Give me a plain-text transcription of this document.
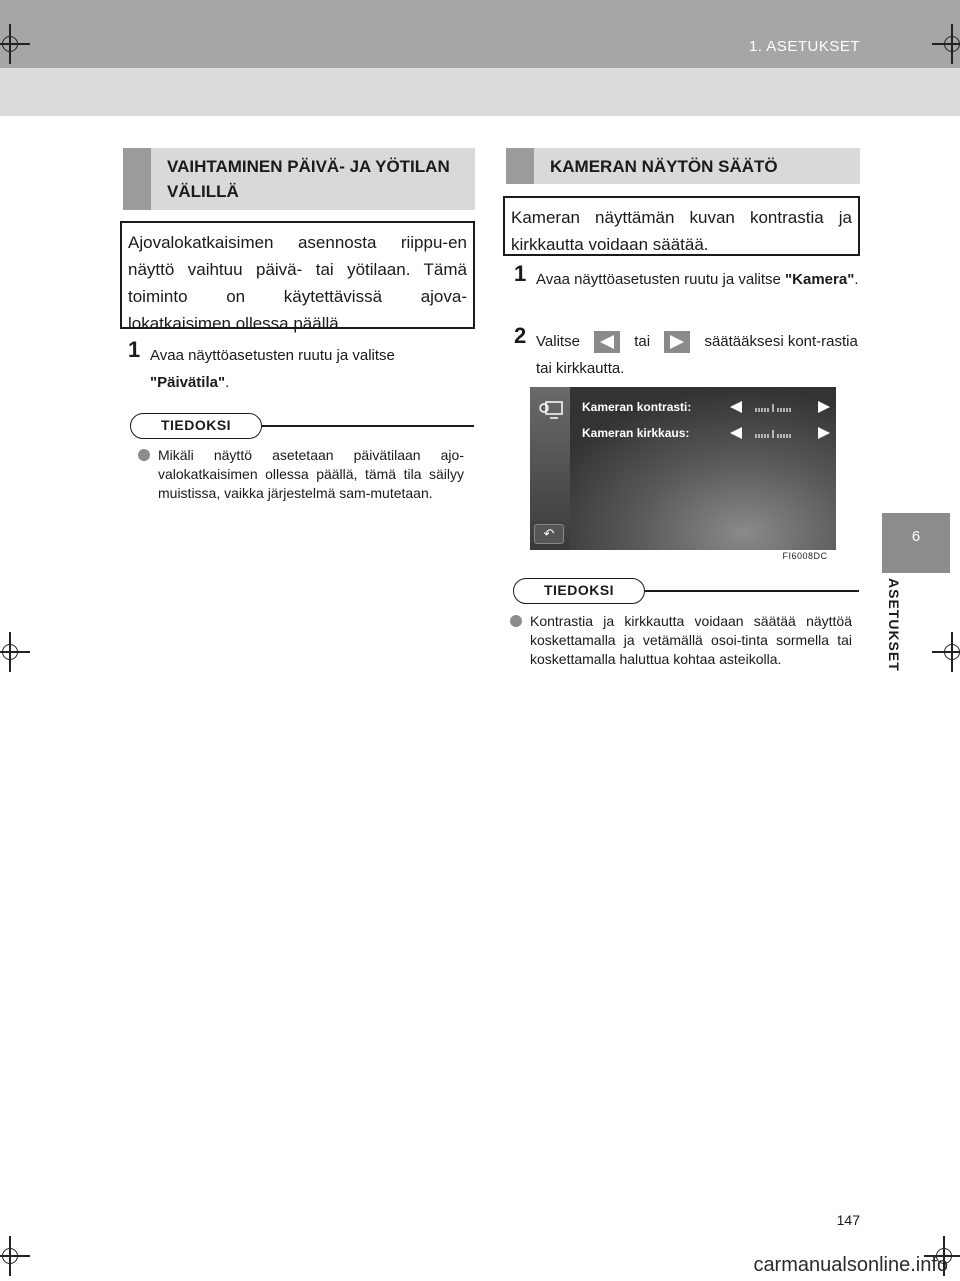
1. ASETUKSET
6
ASETUKSET
VAIHTAMINEN PÄIVÄ- JA YÖTILAN VÄLILLÄ
Ajovalokatkaisimen asennosta riippu-en näyttö vaihtuu päivä- tai yötilaan. Tämä toiminto on käytettävissä ajova-lokatkaisimen ollessa päällä.
1 Avaa näyttöasetusten ruutu ja valitse "Päivätila".
TIEDOKSI
Mikäli näyttö asetetaan päivätilaan ajo-valokatkaisimen ollessa päällä, tämä tila säilyy muistissa, vaikka järjestelmä sam-mutetaan.
KAMERAN NÄYTÖN SÄÄTÖ
Kameran näyttämän kuvan kontrastia ja kirkkautta voidaan säätää.
1 Avaa näyttöasetusten ruutu ja valitse "Kamera".
2 Valitse	tai	säätääksesi kont-rastia tai kirkkautta.
Kameran kontrasti:
Kameran kirkkaus:
↶
FI6008DC
TIEDOKSI
Kontrastia ja kirkkautta voidaan säätää näyttöä koskettamalla ja vetämällä osoi-tinta sormella tai koskettamalla haluttua kohtaa asteikolla.
147
carmanualsonline.info
